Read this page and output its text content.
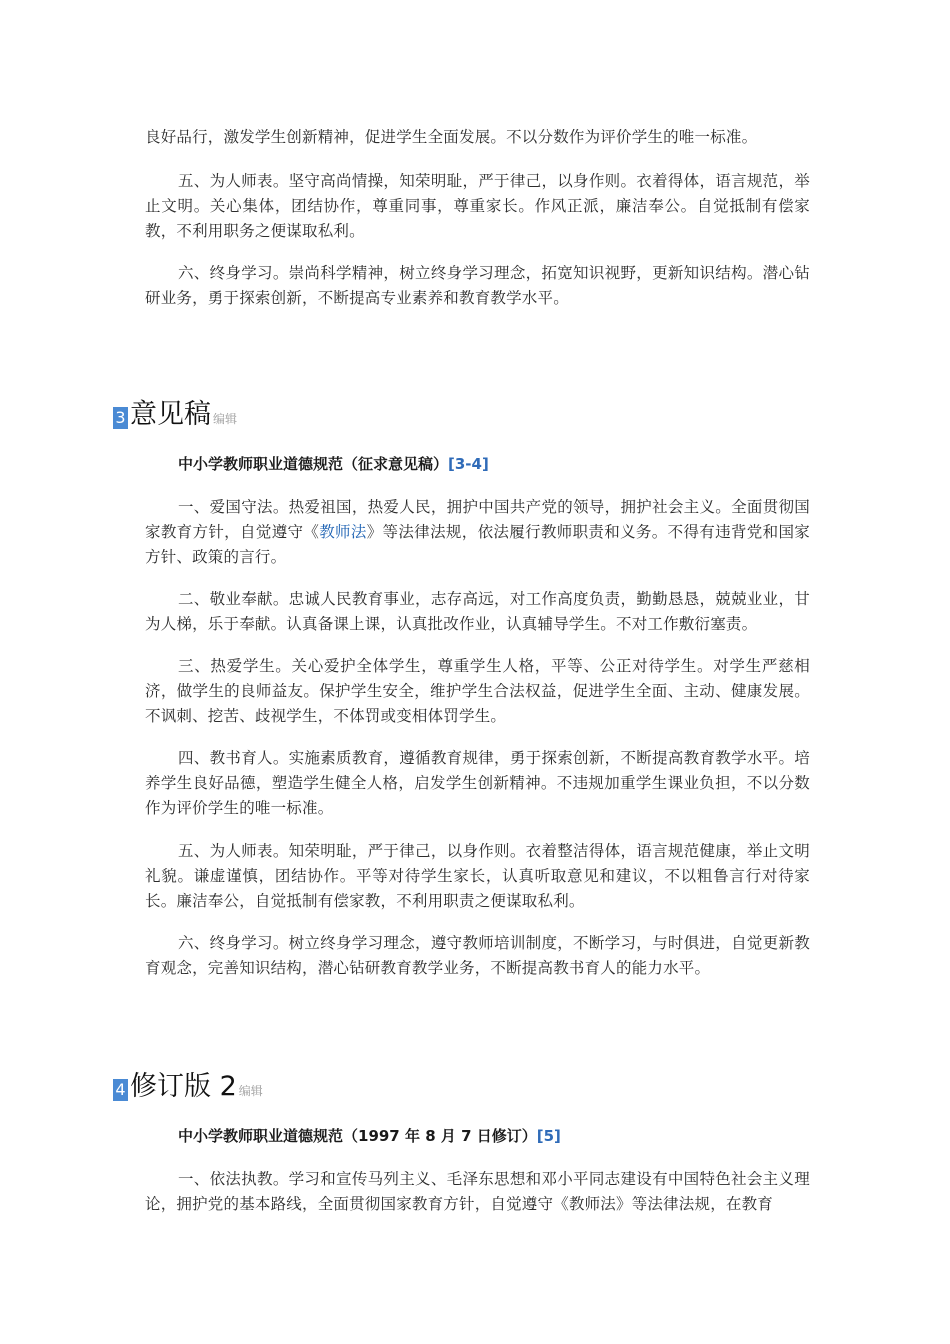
良好品行，激发学生创新精神，促进学生全面发展。不以分数作为评价学生的唯一标准。

五、为人师表。坚守高尚情操，知荣明耻，严于律己，以身作则。衣着得体，语言规范，举止文明。关心集体，团结协作，尊重同事，尊重家长。作风正派，廉洁奉公。自觉抵制有偿家教，不利用职务之便谋取私利。

六、终身学习。崇尚科学精神，树立终身学习理念，拓宽知识视野，更新知识结构。潜心钻研业务，勇于探索创新，不断提高专业素养和教育教学水平。

3 意见稿 编辑
中小学教师职业道德规范（征求意见稿）[3-4]

一、爱国守法。热爱祖国，热爱人民，拥护中国共产党的领导，拥护社会主义。全面贯彻国家教育方针，自觉遵守《教师法》等法律法规，依法履行教师职责和义务。不得有违背党和国家方针、政策的言行。

二、敬业奉献。忠诚人民教育事业，志存高远，对工作高度负责，勤勤恳恳，兢兢业业，甘为人梯，乐于奉献。认真备课上课，认真批改作业，认真辅导学生。不对工作敷衍塞责。

三、热爱学生。关心爱护全体学生，尊重学生人格，平等、公正对待学生。对学生严慈相济，做学生的良师益友。保护学生安全，维护学生合法权益，促进学生全面、主动、健康发展。不讽刺、挖苦、歧视学生，不体罚或变相体罚学生。

四、教书育人。实施素质教育，遵循教育规律，勇于探索创新，不断提高教育教学水平。培养学生良好品德，塑造学生健全人格，启发学生创新精神。不违规加重学生课业负担，不以分数作为评价学生的唯一标准。

五、为人师表。知荣明耻，严于律己，以身作则。衣着整洁得体，语言规范健康，举止文明礼貌。谦虚谨慎，团结协作。平等对待学生家长，认真听取意见和建议，不以粗鲁言行对待家长。廉洁奉公，自觉抵制有偿家教，不利用职责之便谋取私利。

六、终身学习。树立终身学习理念，遵守教师培训制度，不断学习，与时俱进，自觉更新教育观念，完善知识结构，潜心钻研教育教学业务，不断提高教书育人的能力水平。

4 修订版 2 编辑
中小学教师职业道德规范（1997 年 8 月 7 日修订）[5]

一、依法执教。学习和宣传马列主义、毛泽东思想和邓小平同志建设有中国特色社会主义理论，拥护党的基本路线，全面贯彻国家教育方针，自觉遵守《教师法》等法律法规，在教育
